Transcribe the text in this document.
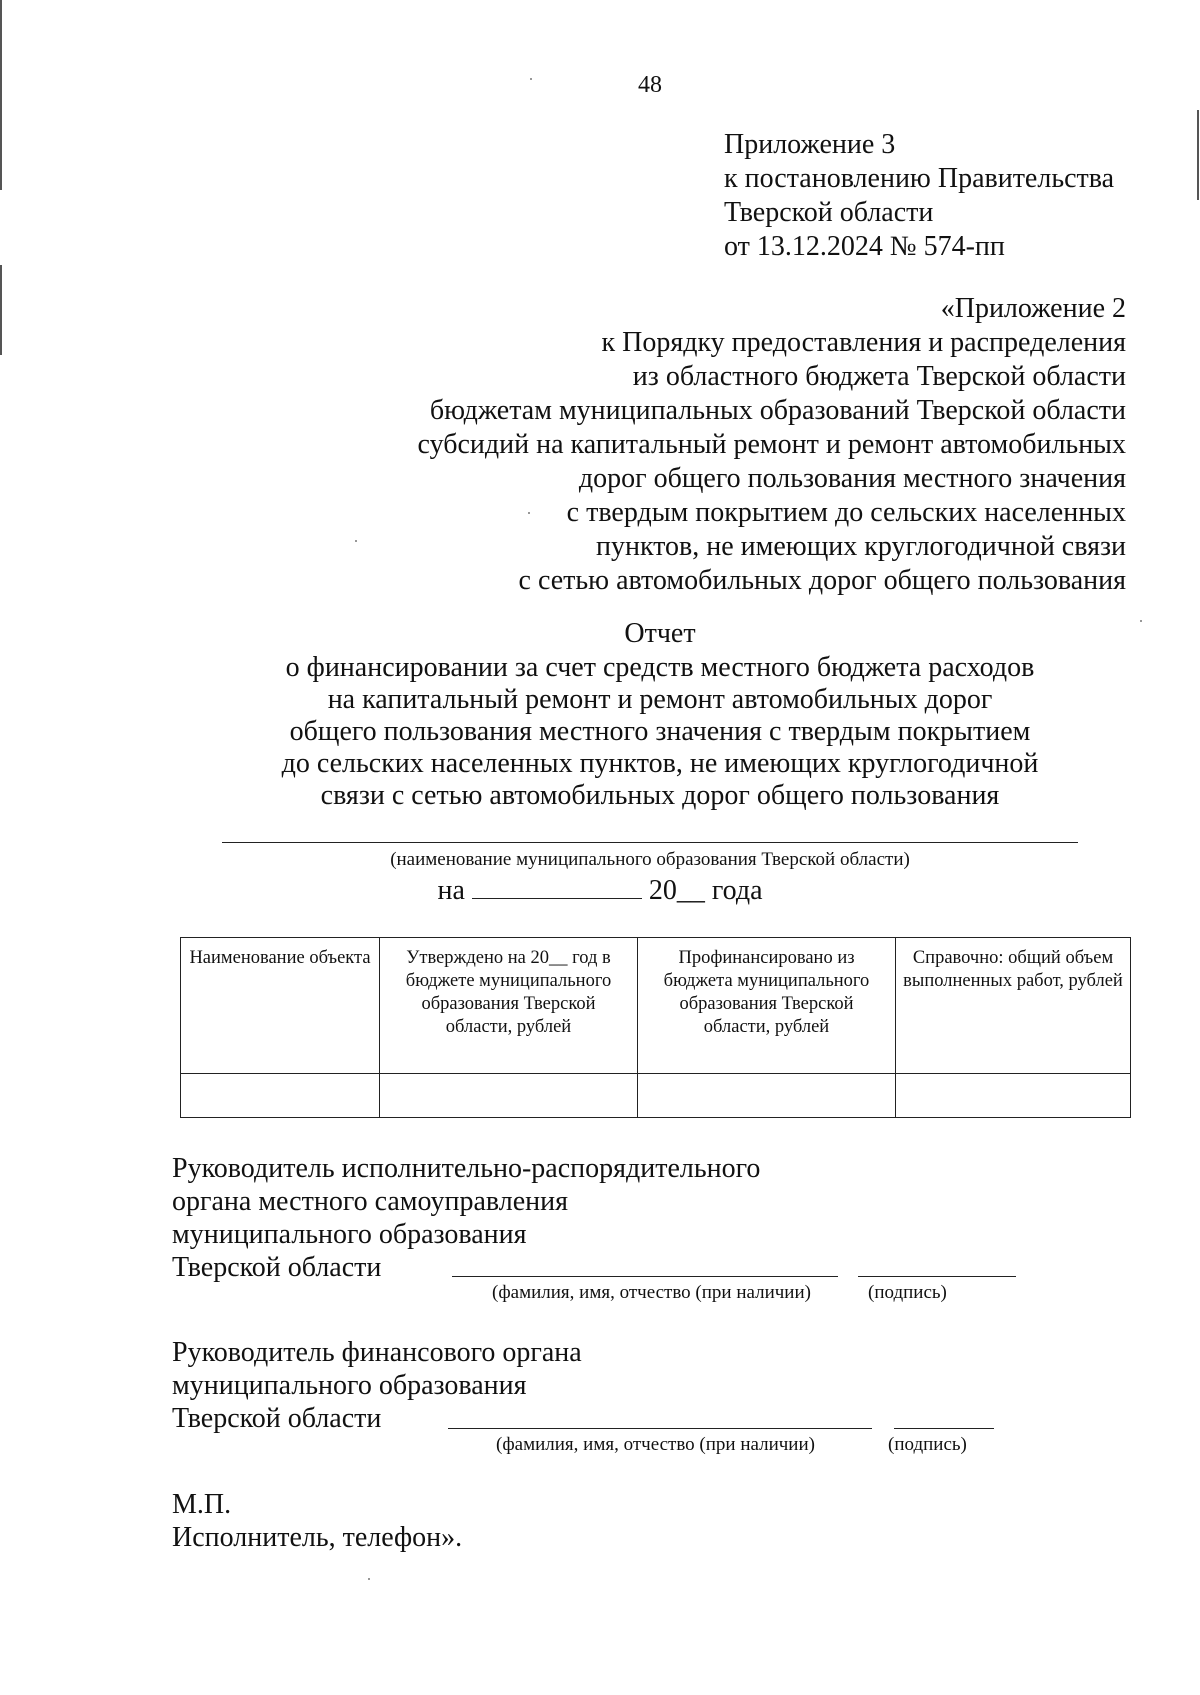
48
Приложение 3
к постановлению Правительства
Тверской области
от 13.12.2024 № 574-пп
«Приложение 2
к Порядку предоставления и распределения
из областного бюджета Тверской области
бюджетам муниципальных образований Тверской области
субсидий на капитальный ремонт и ремонт автомобильных
дорог общего пользования местного значения
с твердым покрытием до сельских населенных
пунктов, не имеющих круглогодичной связи
с сетью автомобильных дорог общего пользования
Отчет
о финансировании за счет средств местного бюджета расходов
на капитальный ремонт и ремонт автомобильных дорог
общего пользования местного значения с твердым покрытием
до сельских населенных пунктов, не имеющих круглогодичной
связи с сетью автомобильных дорог общего пользования
(наименование муниципального образования Тверской области)
на	20__ года
Наименование объекта	Утверждено на 20__ год в бюджете муниципального образования Тверской области, рублей	Профинансировано из бюджета муниципального образования Тверской области, рублей	Справочно: общий объем выполненных работ, рублей

Руководитель исполнительно-распорядительного
органа местного самоуправления
муниципального образования
Тверской области
(фамилия, имя, отчество (при наличии)	(подпись)
Руководитель финансового органа
муниципального образования
Тверской области
(фамилия, имя, отчество (при наличии)	(подпись)
М.П.
Исполнитель, телефон».
